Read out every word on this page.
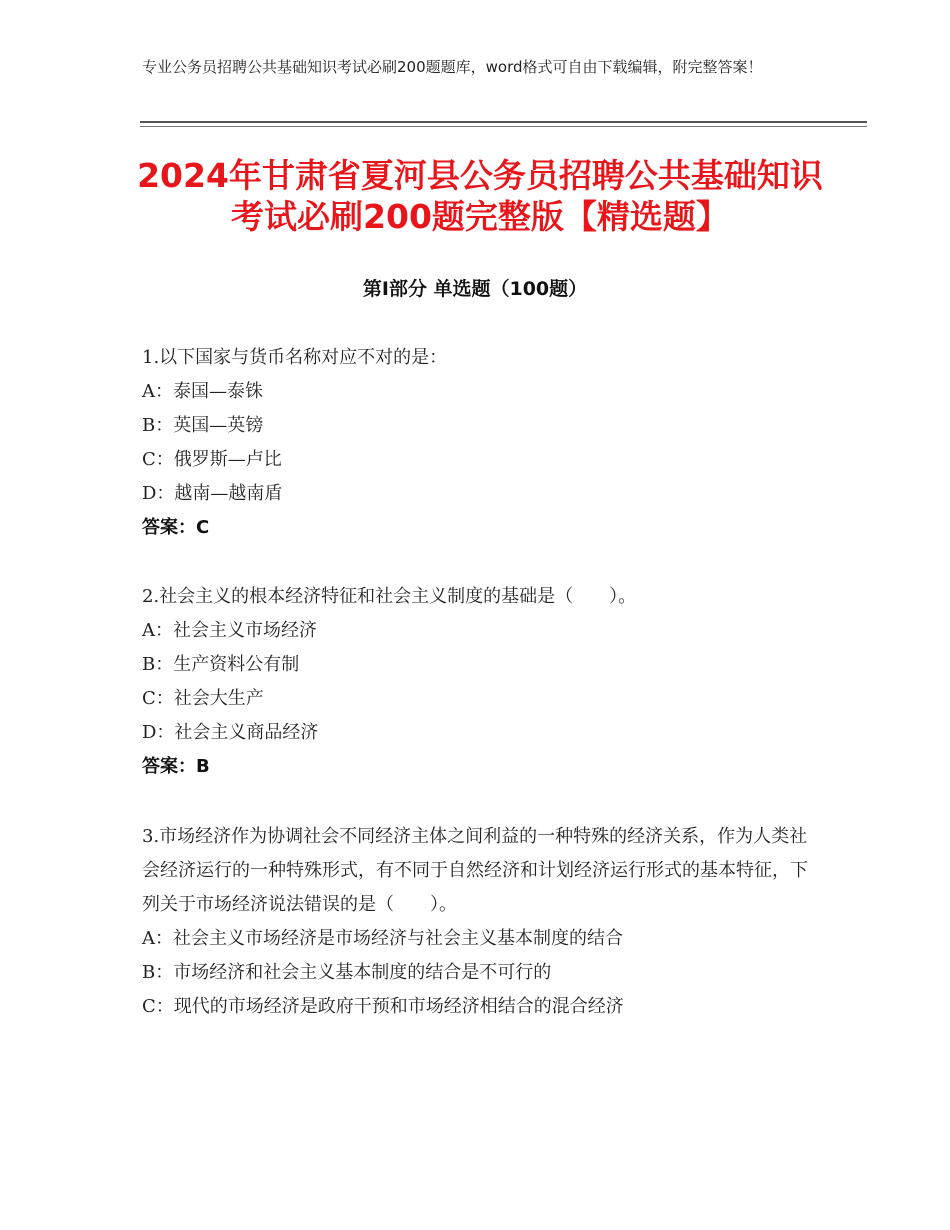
专业公务员招聘公共基础知识考试必刷200题题库，word格式可自由下载编辑，附完整答案！
2024年甘肃省夏河县公务员招聘公共基础知识考试必刷200题完整版【精选题】
第Ⅰ部分 单选题（100题）
1.以下国家与货币名称对应不对的是：
A：泰国—泰铢
B：英国—英镑
C：俄罗斯—卢比
D：越南—越南盾
答案：C
2.社会主义的根本经济特征和社会主义制度的基础是（　　）。
A：社会主义市场经济
B：生产资料公有制
C：社会大生产
D：社会主义商品经济
答案：B
3.市场经济作为协调社会不同经济主体之间利益的一种特殊的经济关系，作为人类社会经济运行的一种特殊形式，有不同于自然经济和计划经济运行形式的基本特征，下列关于市场经济说法错误的是（　　）。
A：社会主义市场经济是市场经济与社会主义基本制度的结合
B：市场经济和社会主义基本制度的结合是不可行的
C：现代的市场经济是政府干预和市场经济相结合的混合经济
